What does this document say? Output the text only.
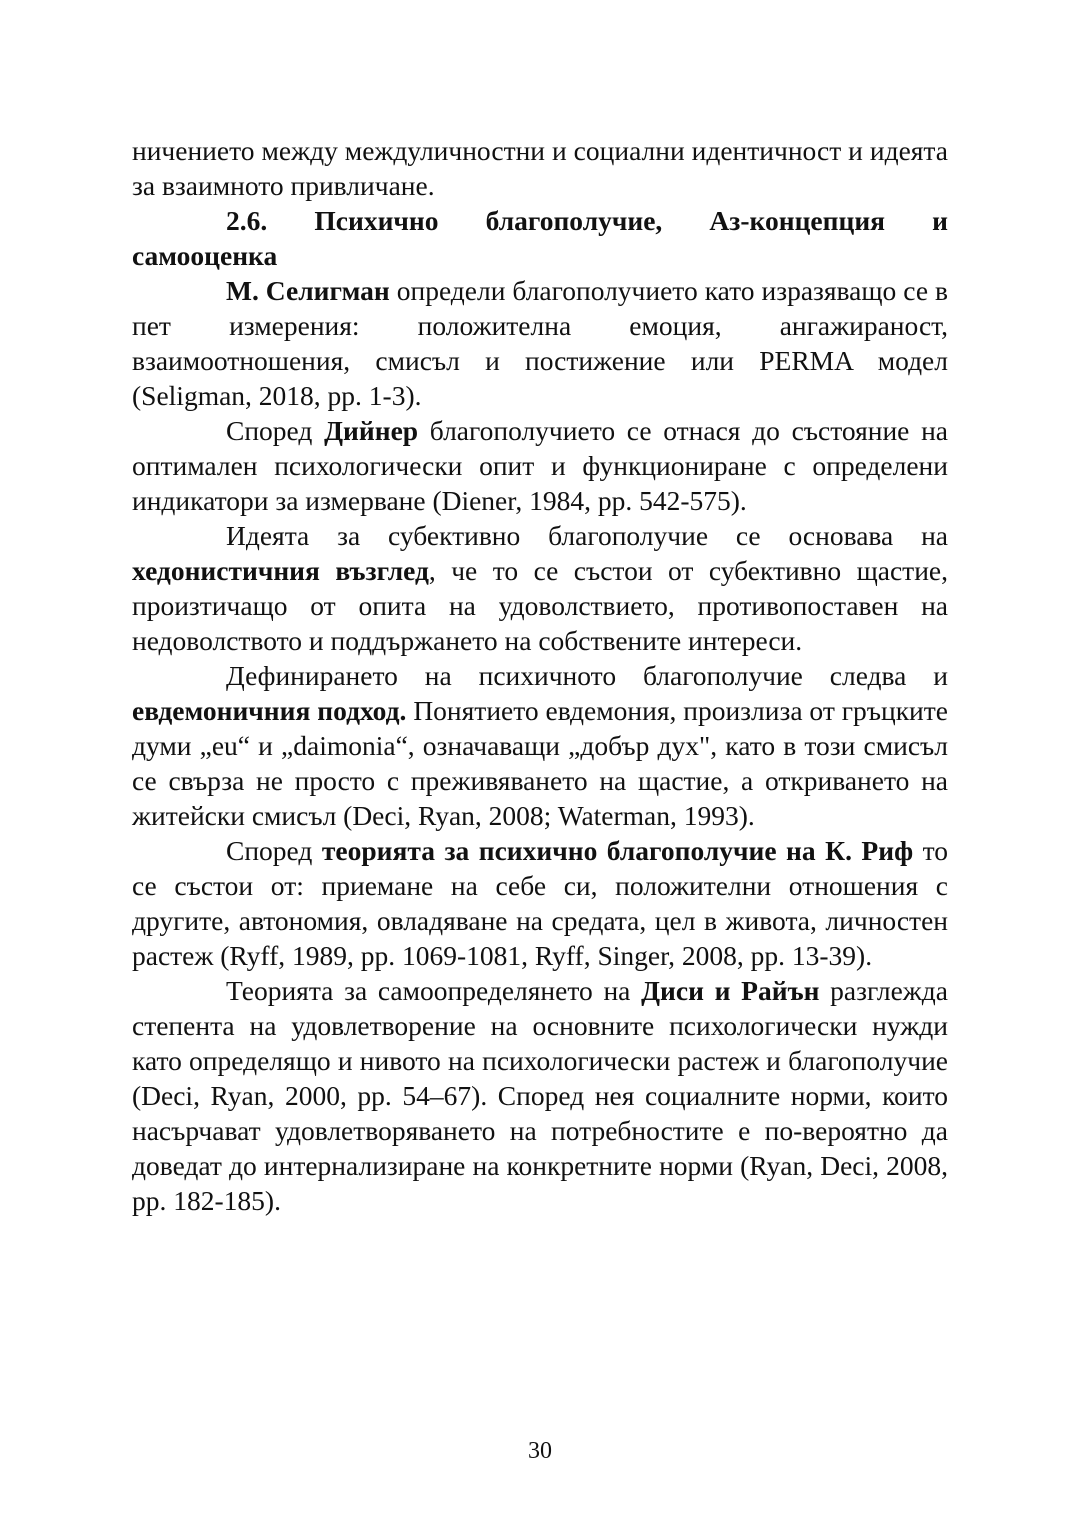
ничението между междуличностни и социални идентичност и идеята за взаимното привличане.

2.6. Психично благополучие, Аз-концепция и самооценка

М. Селигман определи благополучието като изразяващо се в пет измерения: положителна емоция, ангажираност, взаимоотношения, смисъл и постижение или PERMA модел (Seligman, 2018, pp. 1-3).

Според Дийнер благополучието се отнася до състояние на оптимален психологически опит и функциониране с определени индикатори за измерване (Diener, 1984, pp. 542-575).

Идеята за субективно благополучие се основава на хедонистичния възглед, че то се състои от субективно щастие, произтичащо от опита на удоволствието, противопоставен на недоволството и поддържането на собствените интереси.

Дефинирането на психичното благополучие следва и евдемоничния подход. Понятието евдемония, произлиза от гръцките думи „eu“ и „daimonia“, означаващи „добър дух", като в този смисъл се свърза не просто с преживяването на щастие, а откриването на житейски смисъл (Deci, Ryan, 2008; Waterman, 1993).

Според теорията за психично благополучие на К. Риф то се състои от: приемане на себе си, положителни отношения с другите, автономия, овладяване на средата, цел в живота, личностен растеж (Ryff, 1989, pp. 1069-1081, Ryff, Singer, 2008, pp. 13-39).

Теорията за самоопределянето на Диси и Райън разглежда степента на удовлетворение на основните психологически нужди като определящо и нивото на психологически растеж и благополучие (Deci, Ryan, 2000, pp. 54–67). Според нея социалните норми, които насърчават удовлетворяването на потребностите е по-вероятно да доведат до интернализиране на конкретните норми (Ryan, Deci, 2008, pp. 182-185).

30
